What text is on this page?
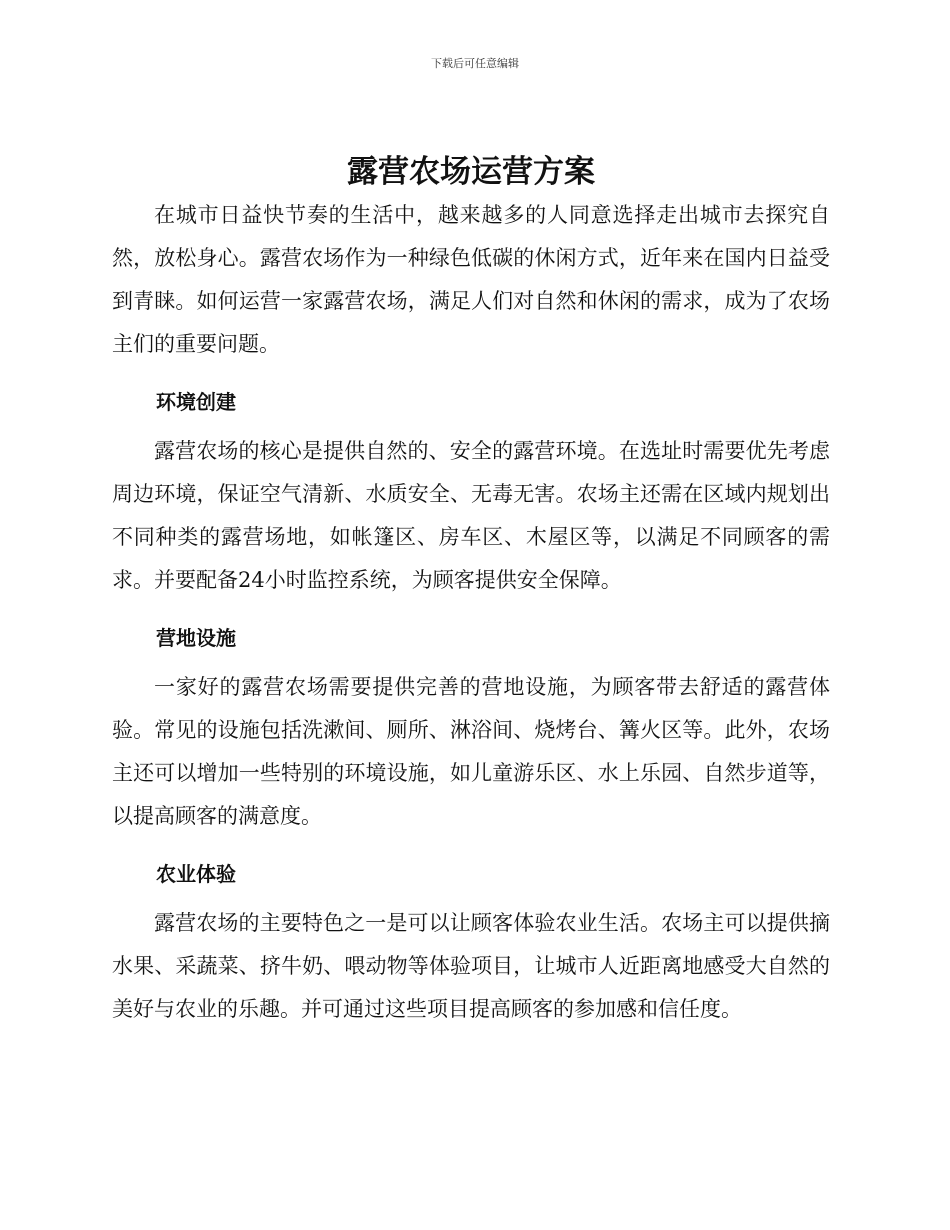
下载后可任意编辑
露营农场运营方案

在城市日益快节奏的生活中，越来越多的人同意选择走出城市去探究自然，放松身心。露营农场作为一种绿色低碳的休闲方式，近年来在国内日益受到青睐。如何运营一家露营农场，满足人们对自然和休闲的需求，成为了农场主们的重要问题。

环境创建

露营农场的核心是提供自然的、安全的露营环境。在选址时需要优先考虑周边环境，保证空气清新、水质安全、无毒无害。农场主还需在区域内规划出不同种类的露营场地，如帐篷区、房车区、木屋区等，以满足不同顾客的需求。并要配备24小时监控系统，为顾客提供安全保障。

营地设施

一家好的露营农场需要提供完善的营地设施，为顾客带去舒适的露营体验。常见的设施包括洗漱间、厕所、淋浴间、烧烤台、篝火区等。此外，农场主还可以增加一些特别的环境设施，如儿童游乐区、水上乐园、自然步道等，以提高顾客的满意度。

农业体验

露营农场的主要特色之一是可以让顾客体验农业生活。农场主可以提供摘水果、采蔬菜、挤牛奶、喂动物等体验项目，让城市人近距离地感受大自然的美好与农业的乐趣。并可通过这些项目提高顾客的参加感和信任度。
